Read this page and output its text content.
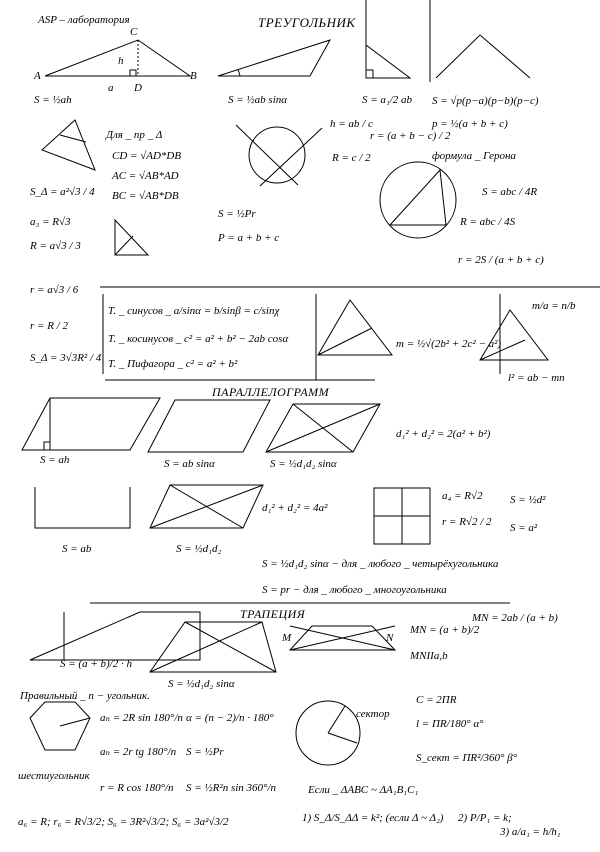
ASP – лаборатория	ТРЕУГОЛЬНИК
C
h
A
a D
B
S = ½ah	S = ½ab sinα	S = a₁/2 ab S = √p(p−a)(p−b)(p−c)
Для _ пр _ Δ
CD = √AD*DB
AC = √AB*AD
BC = √AB*DB
h = ab / c
r = (a + b − c) / 2
p = ½(a + b + c)
R = c / 2	формула _ Герона
S_Δ = a²√3 / 4
a₃ = R√3
R = a√3 / 3
r = a√3 / 6
r = R / 2
S_Δ = 3√3R² / 4
S = ½Pr
P = a + b + c
S = abc / 4R
R = abc / 4S
r = 2S / (a + b + c)
Т. _ синусов _ a/sinα = b/sinβ = c/sinχ
Т. _ косинусов _ c² = a² + b² − 2ab cosα
Т. _ Пифагора _ c² = a² + b²
m = ½√(2b² + 2c² − a²)
m/a = n/b
l² = ab − mn
ПАРАЛЛЕЛОГРАММ
S = ah	S = ab sinα	S = ½d₁d₂ sinα
d₁² + d₂² = 2(a² + b²)
S = ab	S = ½d₁d₂
d₁² + d₂² = 4a²
a₄ = R√2
r = R√2 / 2
S = ½d²
S = a²
S = ½d₁d₂ sinα − для _ любого _ четырёхугольника
S = pr − для _ любого _ многоугольника
ТРАПЕЦИЯ
S = (a + b)/2 · h
S = ½d₁d₂ sinα
M	N
MN = (a + b)/2
MN = 2ab / (a + b)
MNIIa,b
Правильный _ n − угольник.
шестиугольник
aₙ = 2R sin 180°/n
aₙ = 2r tg 180°/n
r = R cos 180°/n
α = (n − 2)/n · 180°
S = ½Pr
S = ½R²n sin 360°/n
a₆ = R; r₆ = R√3/2; S₆ = 3R²√3/2; S₆ = 3a²√3/2
сектор
C = 2ΠR
l = ΠR/180° α°
S_сект = ΠR²/360° β°
Если _ ΔABC ~ ΔA₁B₁C₁
1) S_Δ/S_ΔΔ = k²; (если Δ ~ Δ₂) 2) P/P₁ = k;
3) a/a₁ = h/h₁
